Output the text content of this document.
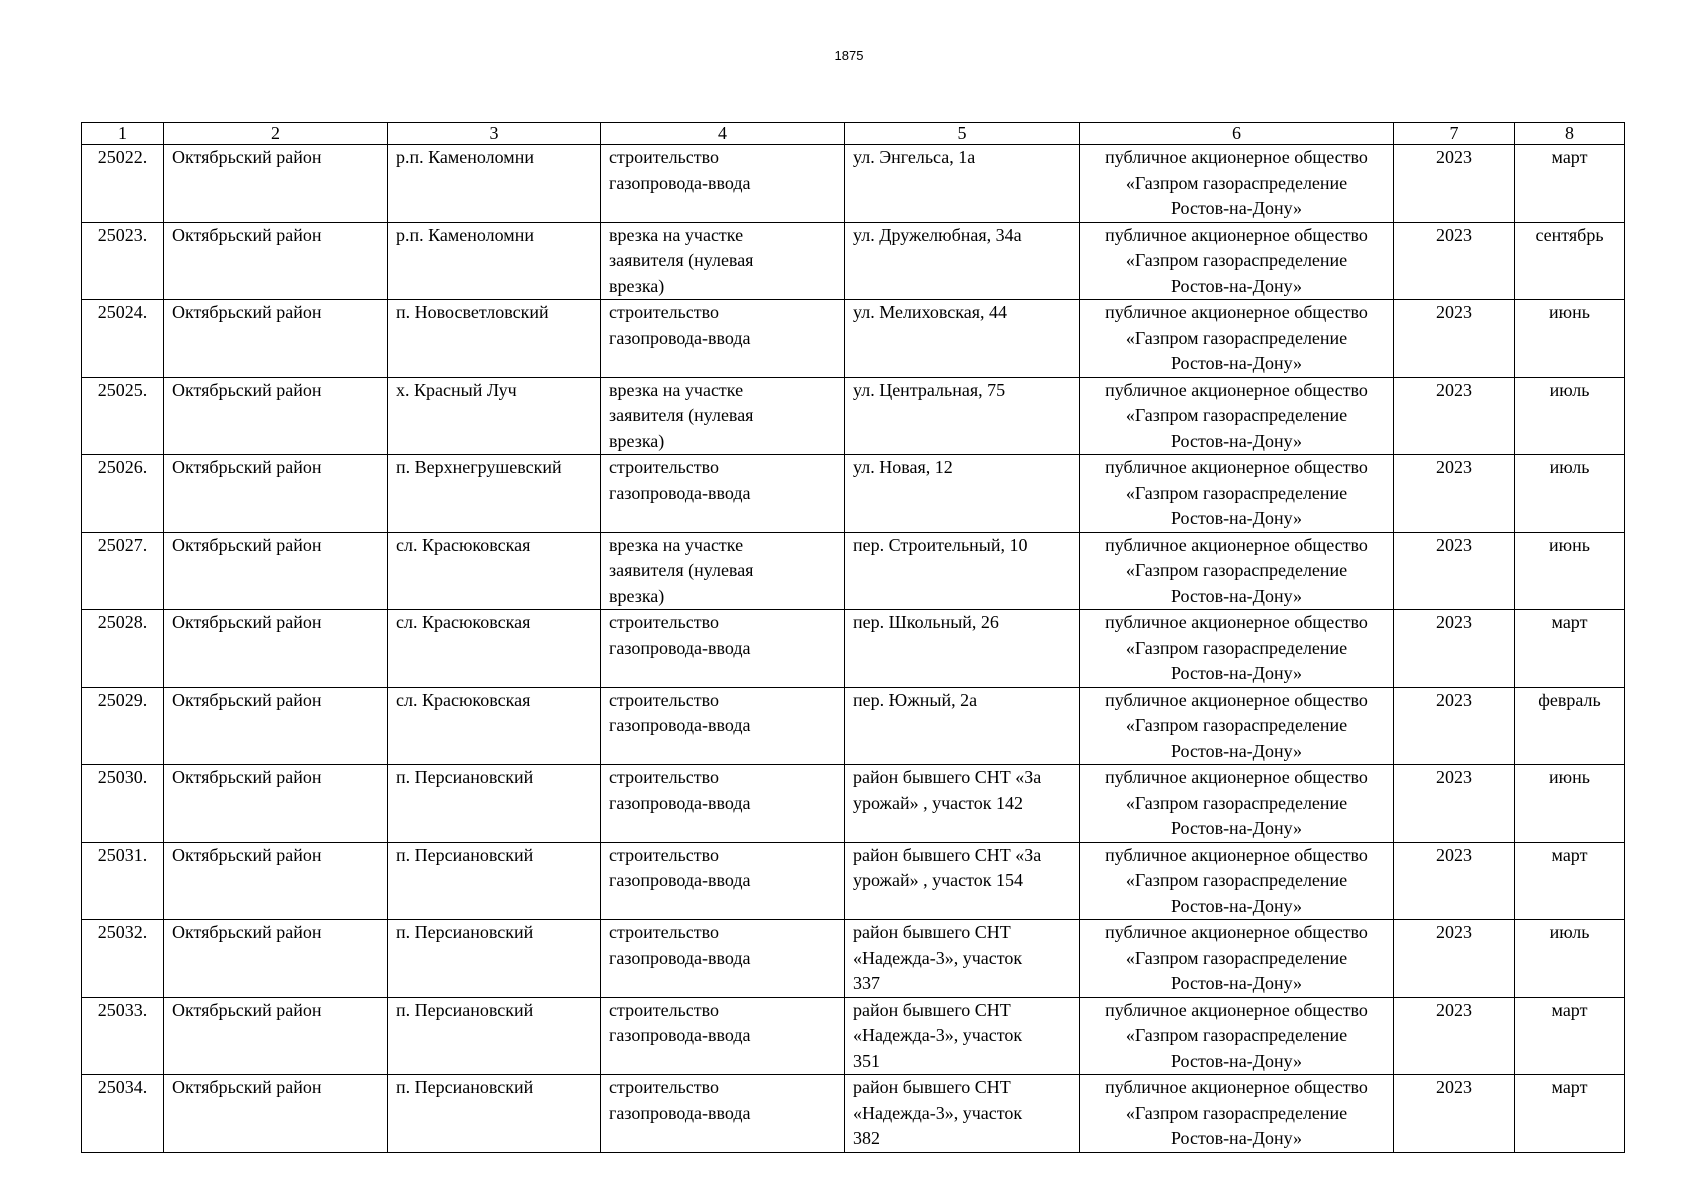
1875
1	2	3	4	5	6	7	8
25022.	Октябрьский район	р.п. Каменоломни	строительство
газопровода-ввода	ул. Энгельса, 1а	публичное акционерное общество
«Газпром газораспределение
Ростов-на-Дону»	2023	март
25023.	Октябрьский район	р.п. Каменоломни	врезка на участке
заявителя (нулевая
врезка)	ул. Дружелюбная, 34а	публичное акционерное общество
«Газпром газораспределение
Ростов-на-Дону»	2023	сентябрь
25024.	Октябрьский район	п. Новосветловский	строительство
газопровода-ввода	ул. Мелиховская, 44	публичное акционерное общество
«Газпром газораспределение
Ростов-на-Дону»	2023	июнь
25025.	Октябрьский район	х. Красный Луч	врезка на участке
заявителя (нулевая
врезка)	ул. Центральная, 75	публичное акционерное общество
«Газпром газораспределение
Ростов-на-Дону»	2023	июль
25026.	Октябрьский район	п. Верхнегрушевский	строительство
газопровода-ввода	ул. Новая, 12	публичное акционерное общество
«Газпром газораспределение
Ростов-на-Дону»	2023	июль
25027.	Октябрьский район	сл. Красюковская	врезка на участке
заявителя (нулевая
врезка)	пер. Строительный, 10	публичное акционерное общество
«Газпром газораспределение
Ростов-на-Дону»	2023	июнь
25028.	Октябрьский район	сл. Красюковская	строительство
газопровода-ввода	пер. Школьный, 26	публичное акционерное общество
«Газпром газораспределение
Ростов-на-Дону»	2023	март
25029.	Октябрьский район	сл. Красюковская	строительство
газопровода-ввода	пер. Южный, 2а	публичное акционерное общество
«Газпром газораспределение
Ростов-на-Дону»	2023	февраль
25030.	Октябрьский район	п. Персиановский	строительство
газопровода-ввода	район бывшего СНТ «За
урожай» , участок 142	публичное акционерное общество
«Газпром газораспределение
Ростов-на-Дону»	2023	июнь
25031.	Октябрьский район	п. Персиановский	строительство
газопровода-ввода	район бывшего СНТ «За
урожай» , участок 154	публичное акционерное общество
«Газпром газораспределение
Ростов-на-Дону»	2023	март
25032.	Октябрьский район	п. Персиановский	строительство
газопровода-ввода	район бывшего СНТ
«Надежда-3», участок
337	публичное акционерное общество
«Газпром газораспределение
Ростов-на-Дону»	2023	июль
25033.	Октябрьский район	п. Персиановский	строительство
газопровода-ввода	район бывшего СНТ
«Надежда-3», участок
351	публичное акционерное общество
«Газпром газораспределение
Ростов-на-Дону»	2023	март
25034.	Октябрьский район	п. Персиановский	строительство
газопровода-ввода	район бывшего СНТ
«Надежда-3», участок
382	публичное акционерное общество
«Газпром газораспределение
Ростов-на-Дону»	2023	март
